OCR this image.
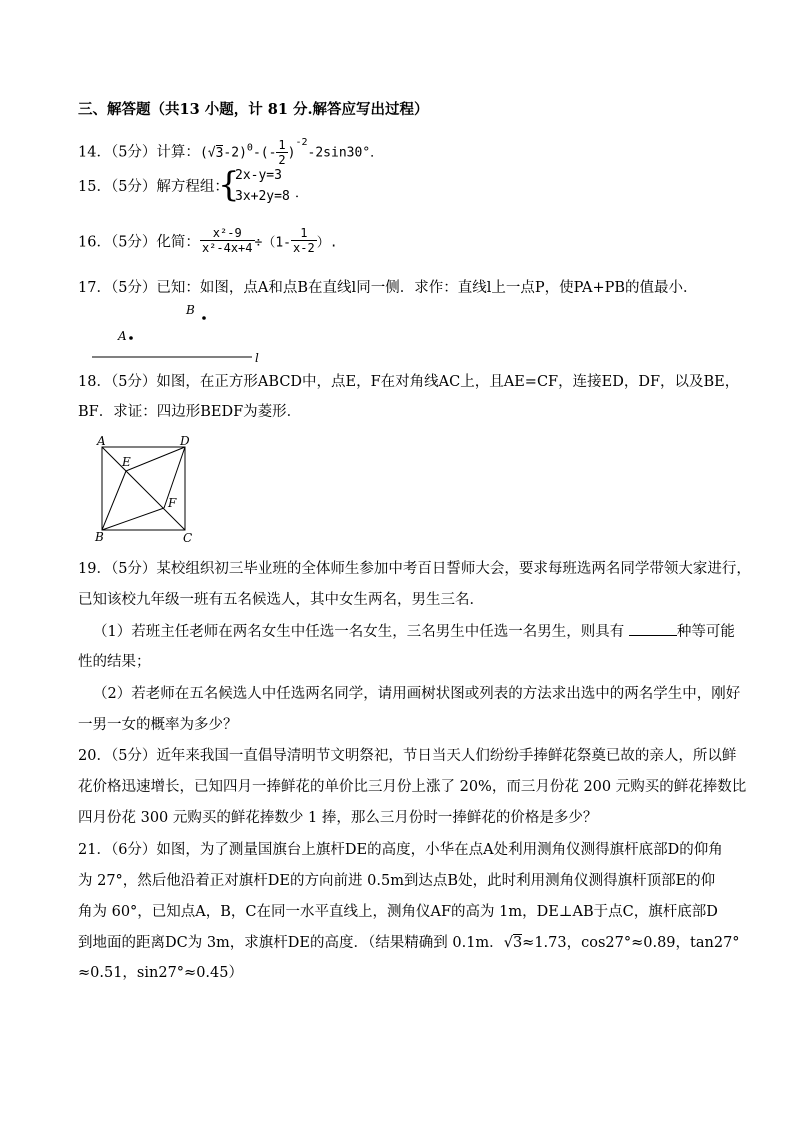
三、解答题（共13 小题，计 81 分.解答应写出过程）
14．（5分）计算：$(√3-2)^0-(- \frac{1}{2} )^{-2}-2\sin 30^\circ$．
15．（5分）解方程组：
{
2x-y=3
3x+2y=8 ．
16．（5分）化简： $\frac{\text{x²-9}}{\text{x²-4x+4}} \div(1- \frac{1}{x-2}$ ）.
17．（5分）已知：如图，点A和点B在直线l同一侧．求作：直线l上一点P，使PA+PB的值最小．
B
A
l
18．（5分）如图，在正方形ABCD中，点E，F在对角线AC上，且AE=CF，连接ED，DF，以及BE，
BF．求证：四边形BEDF为菱形．
A	D
E
F
B	C
19．（5分）某校组织初三毕业班的全体师生参加中考百日誓师大会，要求每班选两名同学带领大家进行，
已知该校九年级一班有五名候选人，其中女生两名，男生三名．
（1）若班主任老师在两名女生中任选一名女生，三名男生中任选一名男生，则具有	种等可能
性的结果；
（2）若老师在五名候选人中任选两名同学，请用画树状图或列表的方法求出选中的两名学生中，刚好
一男一女的概率为多少？
20．（5分）近年来我国一直倡导清明节文明祭祀，节日当天人们纷纷手捧鲜花祭奠已故的亲人，所以鲜
花价格迅速增长，已知四月一捧鲜花的单价比三月份上涨了 20%，而三月份花 200 元购买的鲜花捧数比
四月份花 300 元购买的鲜花捧数少 1 捧，那么三月份时一捧鲜花的价格是多少？
21．（6分）如图，为了测量国旗台上旗杆DE的高度，小华在点A处利用测角仪测得旗杆底部D的仰角
为 27°，然后他沿着正对旗杆DE的方向前进 0.5m到达点B处，此时利用测角仪测得旗杆顶部E的仰
角为 60°，已知点A，B，C在同一水平直线上，测角仪AF的高为 1m，DE⊥AB于点C，旗杆底部D
到地面的距离DC为 3m，求旗杆DE的高度．（结果精确到 0.1m．√3≈1.73，cos27°≈0.89，tan27°
≈0.51，sin27°≈0.45）
